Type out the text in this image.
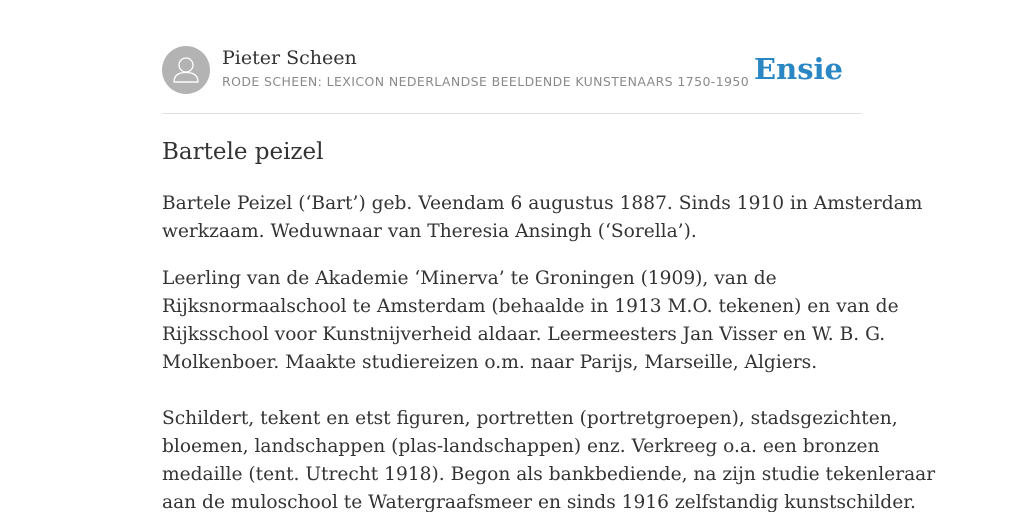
Pieter Scheen
RODE SCHEEN: LEXICON NEDERLANDSE BEELDENDE KUNSTENAARS 1750-1950 Ensie
Bartele peizel

Bartele Peizel (‘Bart’) geb. Veendam 6 augustus 1887. Sinds 1910 in Amsterdam

werkzaam. Weduwnaar van Theresia Ansingh (‘Sorella’).

Leerling van de Akademie ‘Minerva’ te Groningen (1909), van de

Rijksnormaalschool te Amsterdam (behaalde in 1913 M.O. tekenen) en van de

Rijksschool voor Kunstnijverheid aldaar. Leermeesters Jan Visser en W. B. G.

Molkenboer. Maakte studiereizen o.m. naar Parijs, Marseille, Algiers.

Schildert, tekent en etst figuren, portretten (portretgroepen), stadsgezichten,

bloemen, landschappen (plas-landschappen) enz. Verkreeg o.a. een bronzen

medaille (tent. Utrecht 1918). Begon als bankbediende, na zijn studie tekenleraar

aan de muloschool te Watergraafsmeer en sinds 1916 zelfstandig kunstschilder.
